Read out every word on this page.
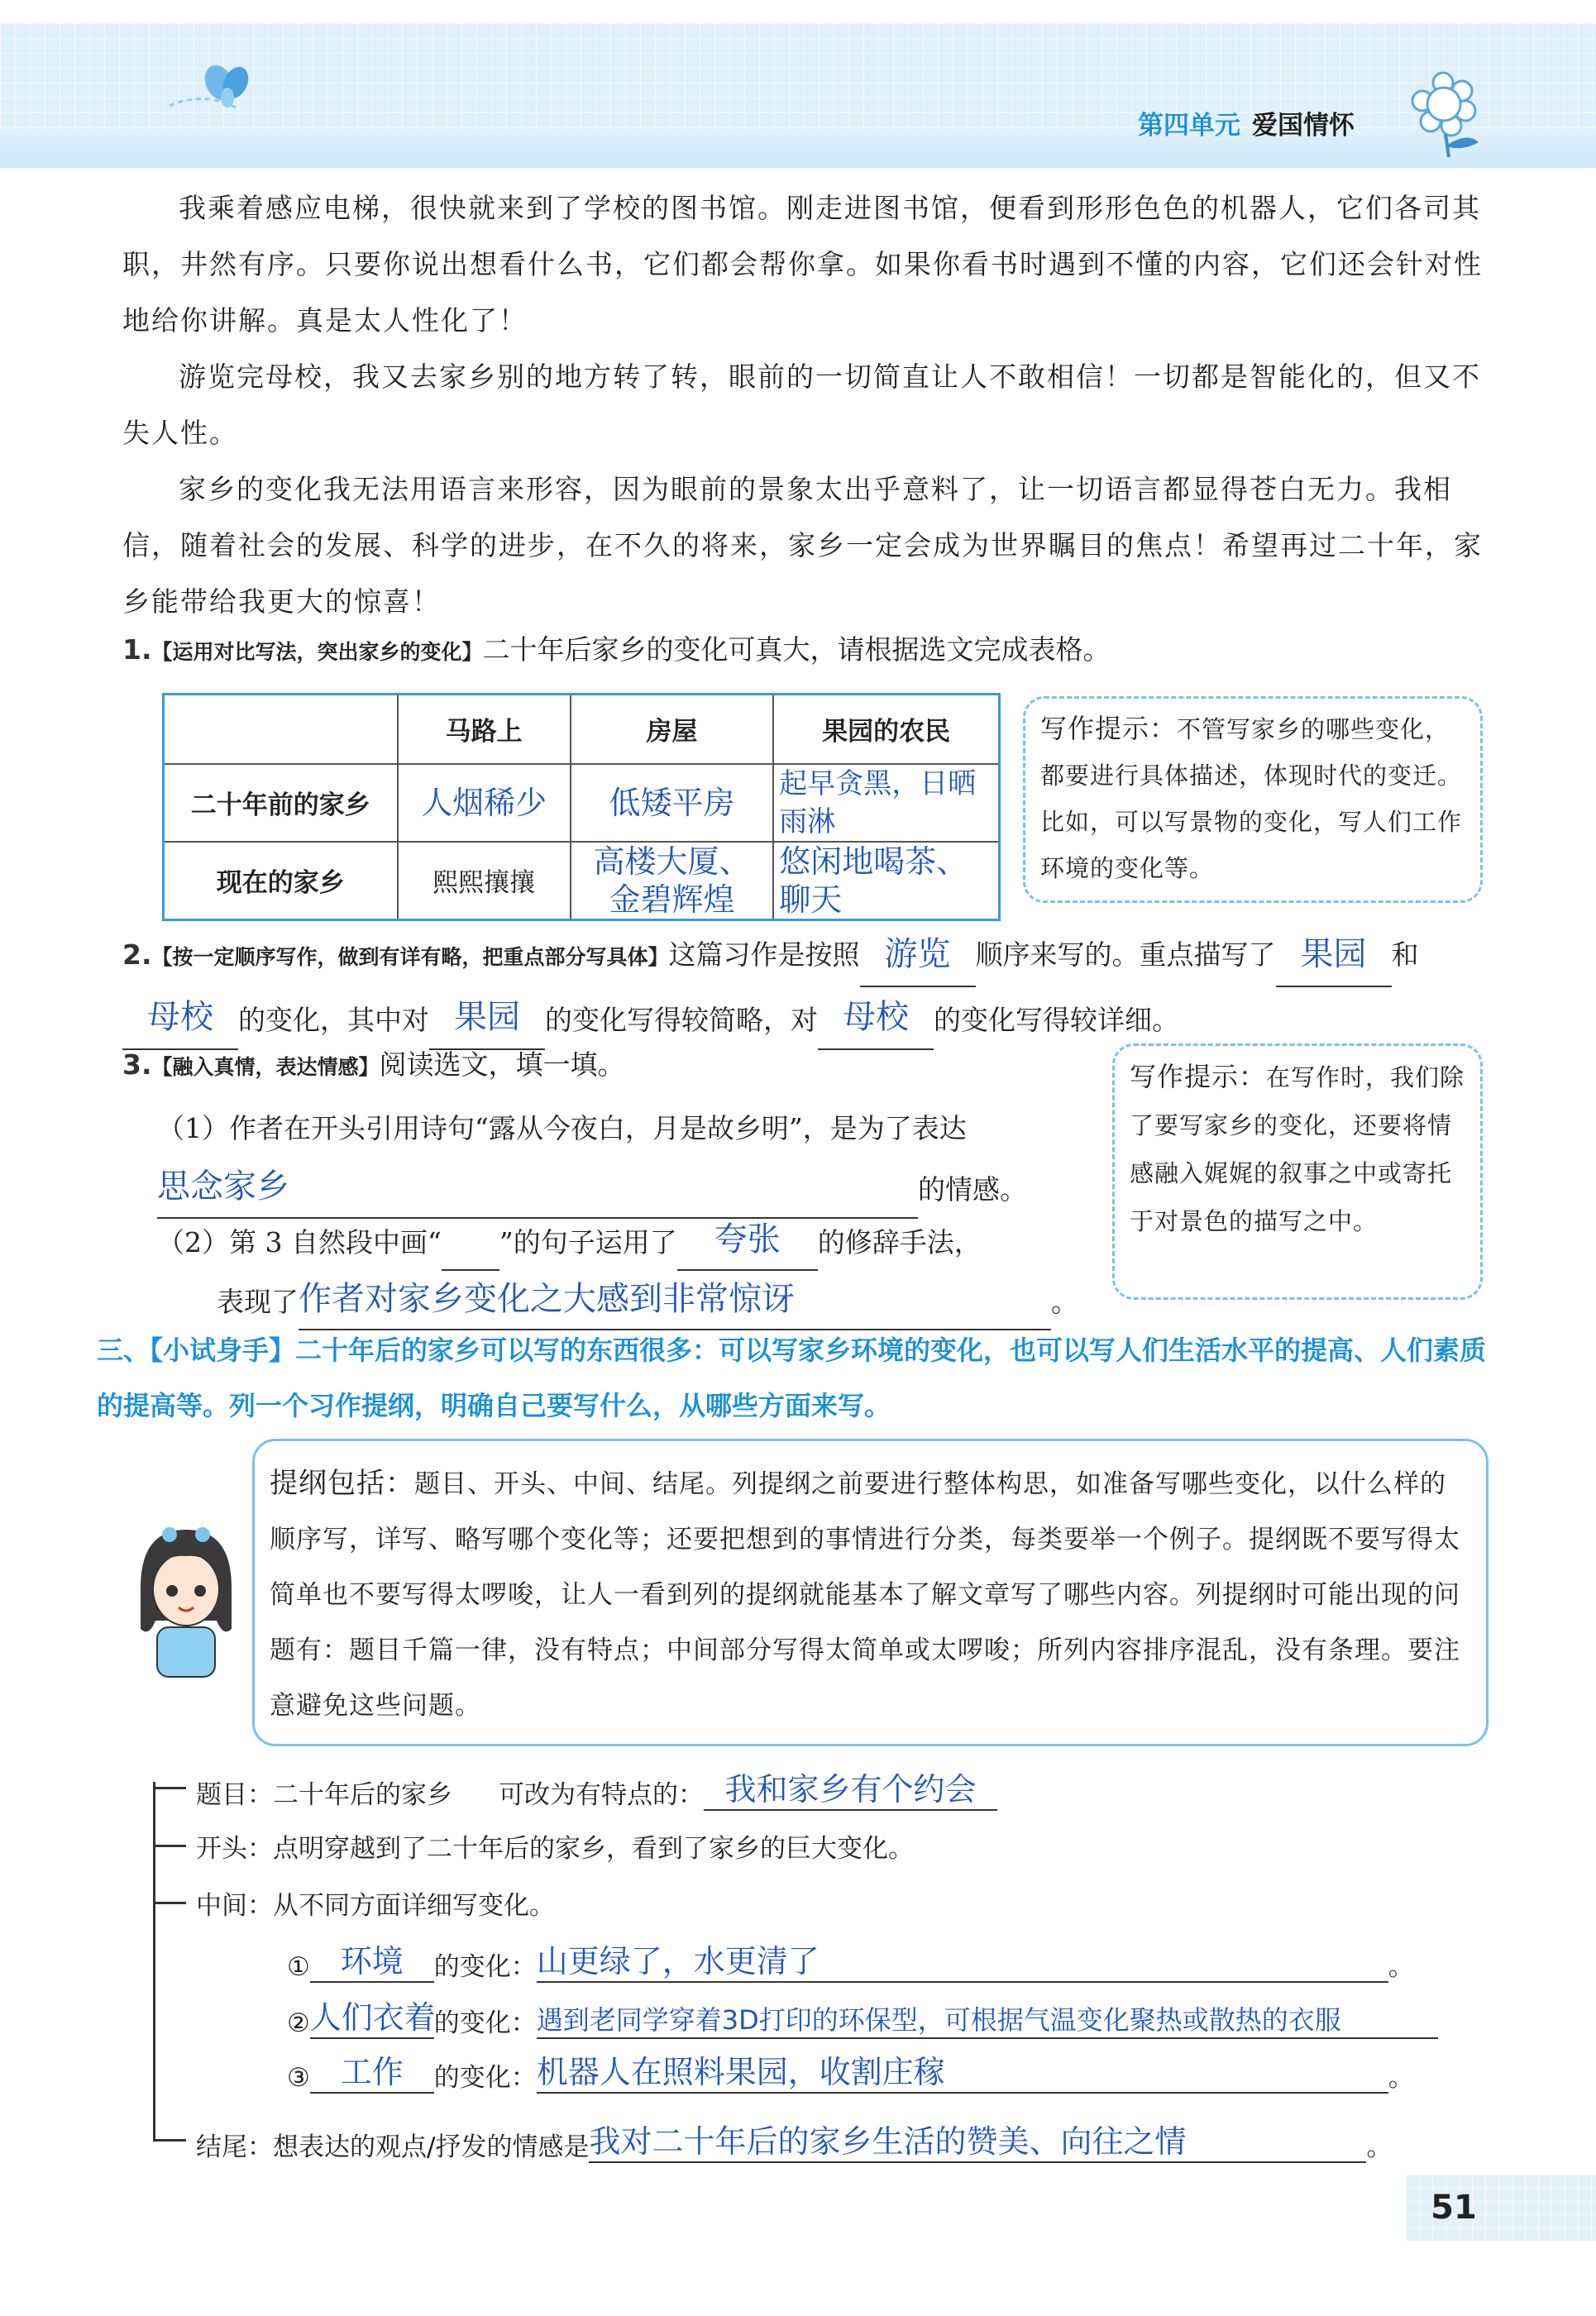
第四单元 爱国情怀

我乘着感应电梯，很快就来到了学校的图书馆。刚走进图书馆，便看到形形色色的机器人，它们各司其职，井然有序。只要你说出想看什么书，它们都会帮你拿。如果你看书时遇到不懂的内容，它们还会针对性地给你讲解。真是太人性化了！

游览完母校，我又去家乡别的地方转了转，眼前的一切简直让人不敢相信！一切都是智能化的，但又不失人性。

家乡的变化我无法用语言来形容，因为眼前的景象太出乎意料了，让一切语言都显得苍白无力。我相信，随着社会的发展、科学的进步，在不久的将来，家乡一定会成为世界瞩目的焦点！希望再过二十年，家乡能带给我更大的惊喜！

1.【运用对比写法，突出家乡的变化】二十年后家乡的变化可真大，请根据选文完成表格。
	马路上	房屋	果园的农民
二十年前的家乡	人烟稀少	低矮平房	起早贪黑，日晒雨淋
现在的家乡	熙熙攘攘	高楼大厦、金碧辉煌	悠闲地喝茶、聊天
写作提示：不管写家乡的哪些变化，都要进行具体描述，体现时代的变迁。比如，可以写景物的变化，写人们工作环境的变化等。
2.【按一定顺序写作，做到有详有略，把重点部分写具体】这篇习作是按照 游览 顺序来写的。重点描写了 果园 和母校 的变化，其中对 果园 的变化写得较简略，对 母校 的变化写得较详细。
3.【融入真情，表达情感】阅读选文，填一填。
（1）作者在开头引用诗句“露从今夜白，月是故乡明”，是为了表达思念家乡	的情感。
（2）第 3 自然段中画“ ”的句子运用了 夸张 的修辞手法，
表现了作者对家乡变化之大感到非常惊讶	。
写作提示：在写作时，我们除了要写家乡的变化，还要将情感融入娓娓的叙事之中或寄托于对景色的描写之中。
三、【小试身手】二十年后的家乡可以写的东西很多：可以写家乡环境的变化，也可以写人们生活水平的提高、人们素质的提高等。列一个习作提纲，明确自己要写什么，从哪些方面来写。
提纲包括：题目、开头、中间、结尾。列提纲之前要进行整体构思，如准备写哪些变化，以什么样的顺序写，详写、略写哪个变化等；还要把想到的事情进行分类，每类要举一个例子。提纲既不要写得太简单也不要写得太啰唆，让人一看到列的提纲就能基本了解文章写了哪些内容。列提纲时可能出现的问题有：题目千篇一律，没有特点；中间部分写得太简单或太啰唆；所列内容排序混乱，没有条理。要注意避免这些问题。
题目：二十年后的家乡 可改为有特点的： 我和家乡有个约会
开头：点明穿越到了二十年后的家乡，看到了家乡的巨大变化。
中间：从不同方面详细写变化。
① 环境 的变化：山更绿了，水更清了	。
②人们衣着的变化：遇到老同学穿着3D打印的环保型，可根据气温变化聚热或散热的衣服
③ 工作 的变化：机器人在照料果园，收割庄稼	。
结尾：想表达的观点/抒发的情感是我对二十年后的家乡生活的赞美、向往之情	。
51
